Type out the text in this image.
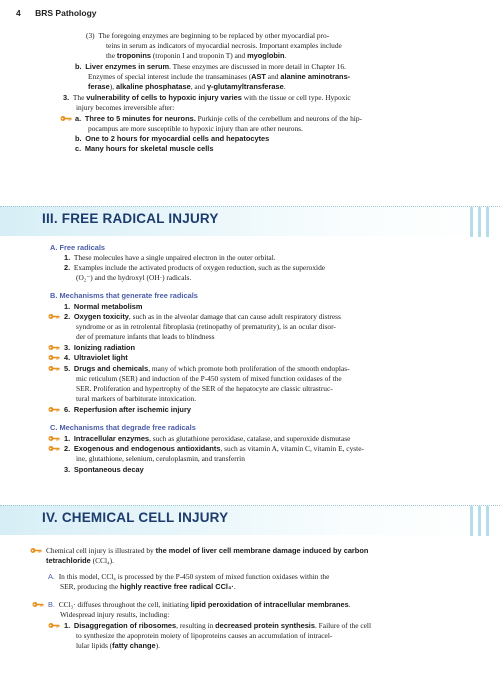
4 BRS Pathology
(3) The foregoing enzymes are beginning to be replaced by other myocardial pro-
teins in serum as indicators of myocardial necrosis. Important examples include
the troponins (troponin I and troponin T) and myoglobin.
b. Liver enzymes in serum. These enzymes are discussed in more detail in Chapter 16.
Enzymes of special interest include the transaminases (AST and alanine aminotrans-
ferase), alkaline phosphatase, and γ-glutamyltransferase.
3. The vulnerability of cells to hypoxic injury varies with the tissue or cell type. Hypoxic
injury becomes irreversible after:
a. Three to 5 minutes for neurons. Purkinje cells of the cerebellum and neurons of the hip-
pocampus are more susceptible to hypoxic injury than are other neurons.
b. One to 2 hours for myocardial cells and hepatocytes
c. Many hours for skeletal muscle cells
III. FREE RADICAL INJURY
A. Free radicals
1. These molecules have a single unpaired electron in the outer orbital.
2. Examples include the activated products of oxygen reduction, such as the superoxide
(O₂⁻) and the hydroxyl (OH·) radicals.
B. Mechanisms that generate free radicals
1. Normal metabolism
2. Oxygen toxicity, such as in the alveolar damage that can cause adult respiratory distress
syndrome or as in retrolental fibroplasia (retinopathy of prematurity), is an ocular disor-
der of premature infants that leads to blindness
3. Ionizing radiation
4. Ultraviolet light
5. Drugs and chemicals, many of which promote both proliferation of the smooth endoplas-
mic reticulum (SER) and induction of the P-450 system of mixed function oxidases of the
SER. Proliferation and hypertrophy of the SER of the hepatocyte are classic ultrastruc-
tural markers of barbiturate intoxication.
6. Reperfusion after ischemic injury
C. Mechanisms that degrade free radicals
1. Intracellular enzymes, such as glutathione peroxidase, catalase, and superoxide dismutase
2. Exogenous and endogenous antioxidants, such as vitamin A, vitamin C, vitamin E, cyste-
ine, glutathione, selenium, ceruloplasmin, and transferrin
3. Spontaneous decay
IV. CHEMICAL CELL INJURY
Chemical cell injury is illustrated by the model of liver cell membrane damage induced by carbon
tetrachloride (CCl₄).
A. In this model, CCl₄ is processed by the P-450 system of mixed function oxidases within the
SER, producing the highly reactive free radical CCl₃·.
B. CCl₃· diffuses throughout the cell, initiating lipid peroxidation of intracellular membranes.
Widespread injury results, including:
1. Disaggregation of ribosomes, resulting in decreased protein synthesis. Failure of the cell
to synthesize the apoprotein moiety of lipoproteins causes an accumulation of intracel-
lular lipids (fatty change).
